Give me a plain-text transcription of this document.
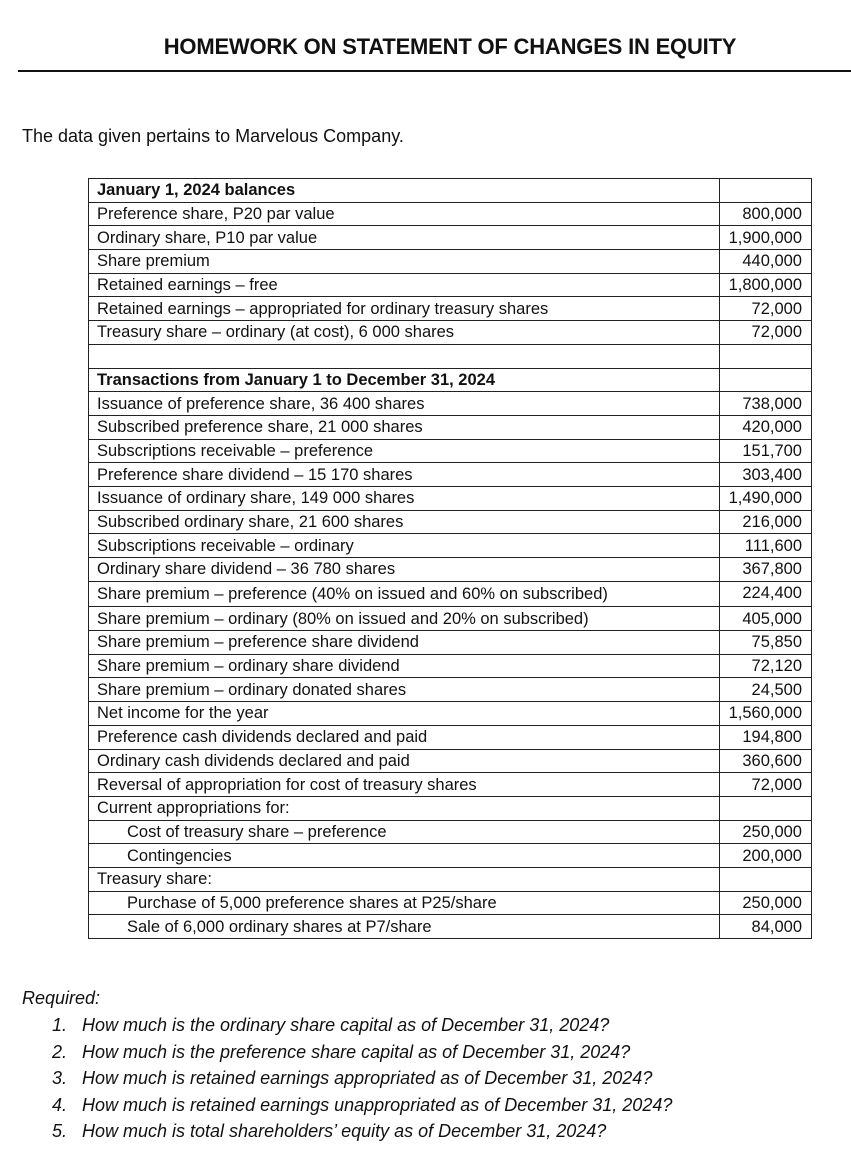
HOMEWORK ON STATEMENT OF CHANGES IN EQUITY
The data given pertains to Marvelous Company.
January 1, 2024 balances	
Preference share, P20 par value	800,000
Ordinary share, P10 par value	1,900,000
Share premium	440,000
Retained earnings – free	1,800,000
Retained earnings – appropriated for ordinary treasury shares	72,000
Treasury share – ordinary (at cost), 6 000 shares	72,000

Transactions from January 1 to December 31, 2024	
Issuance of preference share, 36 400 shares	738,000
Subscribed preference share, 21 000 shares	420,000
Subscriptions receivable – preference	151,700
Preference share dividend – 15 170 shares	303,400
Issuance of ordinary share, 149 000 shares	1,490,000
Subscribed ordinary share, 21 600 shares	216,000
Subscriptions receivable – ordinary	111,600
Ordinary share dividend – 36 780 shares	367,800
Share premium – preference (40% on issued and 60% on subscribed)	224,400
Share premium – ordinary (80% on issued and 20% on subscribed)	405,000
Share premium – preference share dividend	75,850
Share premium – ordinary share dividend	72,120
Share premium – ordinary donated shares	24,500
Net income for the year	1,560,000
Preference cash dividends declared and paid	194,800
Ordinary cash dividends declared and paid	360,600
Reversal of appropriation for cost of treasury shares	72,000
Current appropriations for:	
Cost of treasury share – preference	250,000
Contingencies	200,000
Treasury share:	
Purchase of 5,000 preference shares at P25/share	250,000
Sale of 6,000 ordinary shares at P7/share	84,000
Required:
1. How much is the ordinary share capital as of December 31, 2024?
2. How much is the preference share capital as of December 31, 2024?
3. How much is retained earnings appropriated as of December 31, 2024?
4. How much is retained earnings unappropriated as of December 31, 2024?
5. How much is total shareholders’ equity as of December 31, 2024?
